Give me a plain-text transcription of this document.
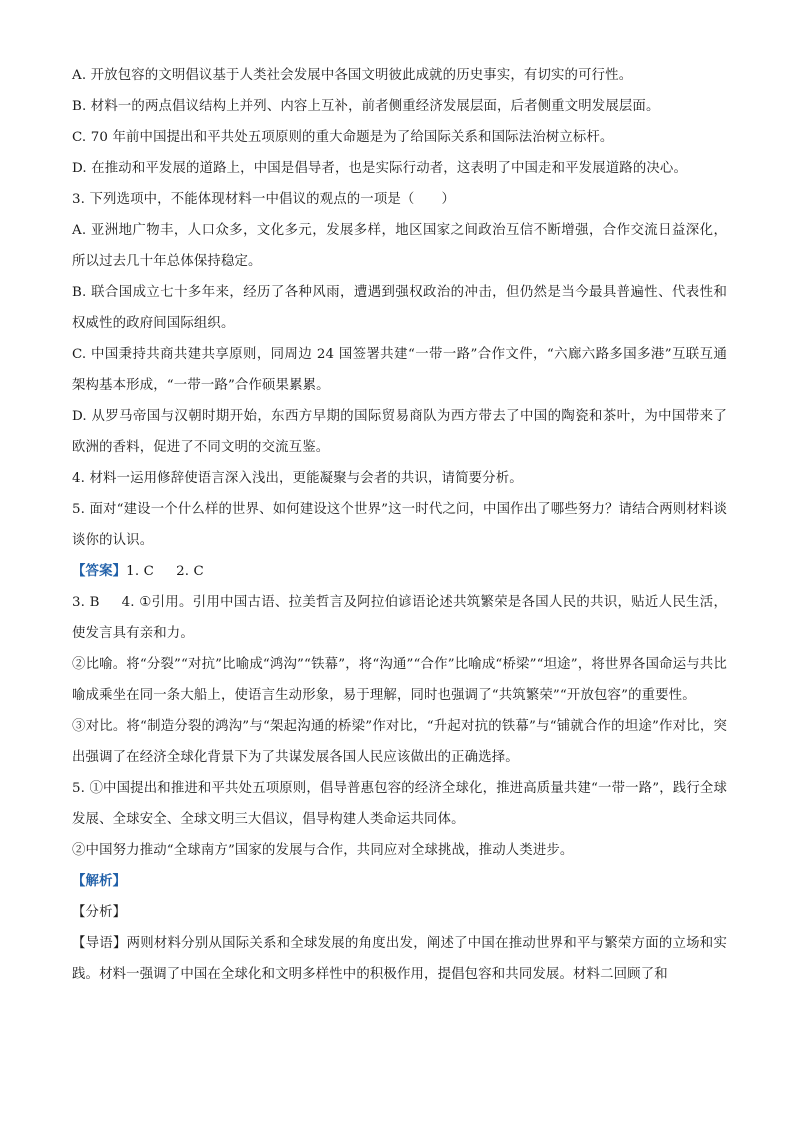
A. 开放包容的文明倡议基于人类社会发展中各国文明彼此成就的历史事实，有切实的可行性。

B. 材料一的两点倡议结构上并列、内容上互补，前者侧重经济发展层面，后者侧重文明发展层面。

C. 70 年前中国提出和平共处五项原则的重大命题是为了给国际关系和国际法治树立标杆。

D. 在推动和平发展的道路上，中国是倡导者，也是实际行动者，这表明了中国走和平发展道路的决心。

3. 下列选项中，不能体现材料一中倡议的观点的一项是（　　）

A. 亚洲地广物丰，人口众多，文化多元，发展多样，地区国家之间政治互信不断增强，合作交流日益深化，所以过去几十年总体保持稳定。

B. 联合国成立七十多年来，经历了各种风雨，遭遇到强权政治的冲击，但仍然是当今最具普遍性、代表性和权威性的政府间国际组织。

C. 中国秉持共商共建共享原则，同周边 24 国签署共建“一带一路”合作文件，“六廊六路多国多港”互联互通架构基本形成，“一带一路”合作硕果累累。

D. 从罗马帝国与汉朝时期开始，东西方早期的国际贸易商队为西方带去了中国的陶瓷和茶叶，为中国带来了欧洲的香料，促进了不同文明的交流互鉴。

4. 材料一运用修辞使语言深入浅出，更能凝聚与会者的共识，请简要分析。

5. 面对“建设一个什么样的世界、如何建设这个世界”这一时代之问，中国作出了哪些努力？请结合两则材料谈谈你的认识。

【答案】1. C 2. C

3. B 4. ①引用。引用中国古语、拉美哲言及阿拉伯谚语论述共筑繁荣是各国人民的共识，贴近人民生活，使发言具有亲和力。

②比喻。将“分裂”“对抗”比喻成“鸿沟”“铁幕”，将“沟通”“合作”比喻成“桥梁”“坦途”，将世界各国命运与共比喻成乘坐在同一条大船上，使语言生动形象，易于理解，同时也强调了“共筑繁荣”“开放包容”的重要性。

③对比。将“制造分裂的鸿沟”与“架起沟通的桥梁”作对比，“升起对抗的铁幕”与“铺就合作的坦途”作对比，突出强调了在经济全球化背景下为了共谋发展各国人民应该做出的正确选择。

5. ①中国提出和推进和平共处五项原则，倡导普惠包容的经济全球化，推进高质量共建“一带一路”，践行全球发展、全球安全、全球文明三大倡议，倡导构建人类命运共同体。

②中国努力推动“全球南方”国家的发展与合作，共同应对全球挑战，推动人类进步。

【解析】

【分析】

【导语】两则材料分别从国际关系和全球发展的角度出发，阐述了中国在推动世界和平与繁荣方面的立场和实践。材料一强调了中国在全球化和文明多样性中的积极作用，提倡包容和共同发展。材料二回顾了和
